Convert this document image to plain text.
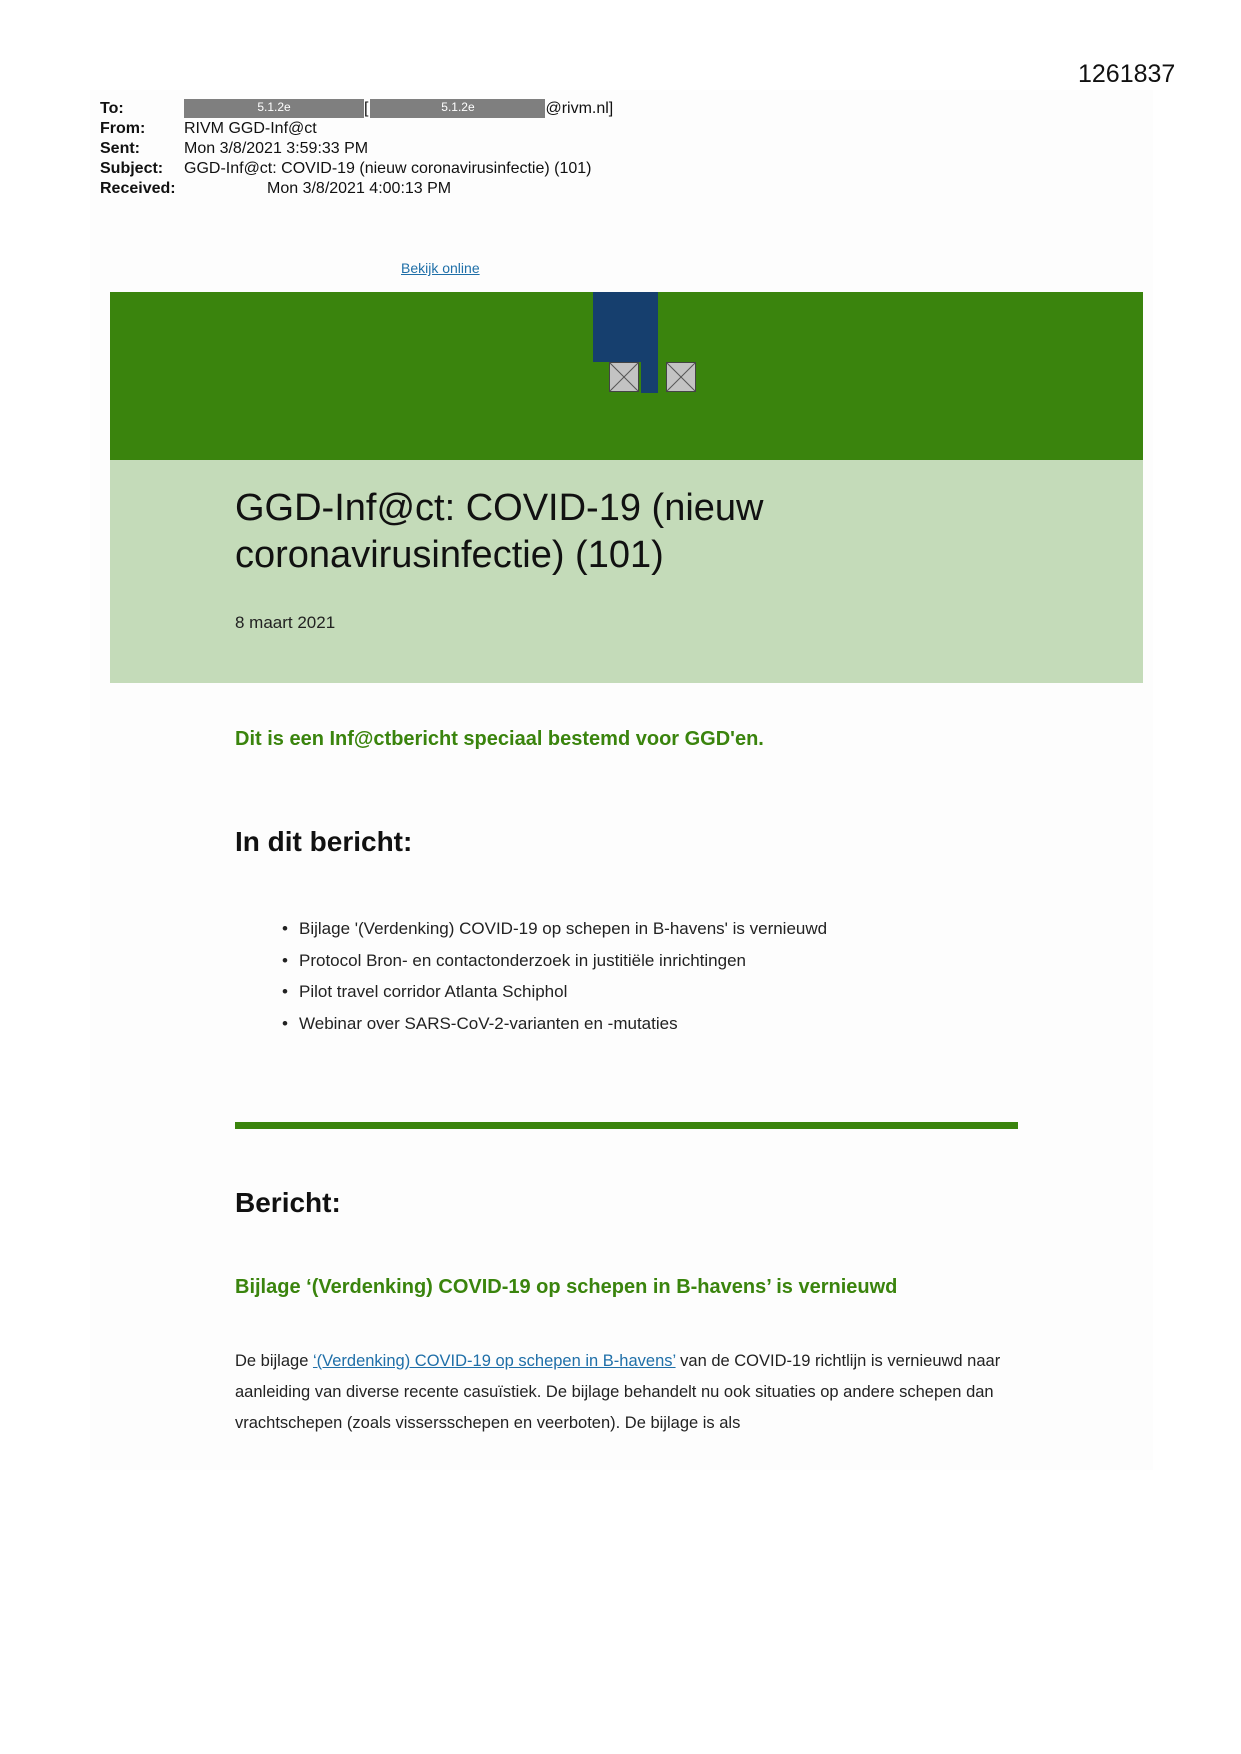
1261837
To:	5.1.2e	[	5.1.2e	@rivm.nl]
From: RIVM GGD-Inf@ct
Sent:	Mon 3/8/2021 3:59:33 PM
Subject: GGD-Inf@ct: COVID-19 (nieuw coronavirusinfectie) (101)
Received:	Mon 3/8/2021 4:00:13 PM
Bekijk online
GGD-Inf@ct: COVID-19 (nieuw coronavirusinfectie) (101)
8 maart 2021
Dit is een Inf@ctbericht speciaal bestemd voor GGD'en.
In dit bericht:
• Bijlage '(Verdenking) COVID-19 op schepen in B-havens' is vernieuwd
• Protocol Bron- en contactonderzoek in justitiële inrichtingen
• Pilot travel corridor Atlanta Schiphol
• Webinar over SARS-CoV-2-varianten en -mutaties
Bericht:
Bijlage ‘(Verdenking) COVID-19 op schepen in B-havens’ is vernieuwd
De bijlage ‘(Verdenking) COVID-19 op schepen in B-havens’ van de COVID-19 richtlijn is vernieuwd naar aanleiding van diverse recente casuïstiek. De bijlage behandelt nu ook situaties op andere schepen dan vrachtschepen (zoals vissersschepen en veerboten). De bijlage is als
